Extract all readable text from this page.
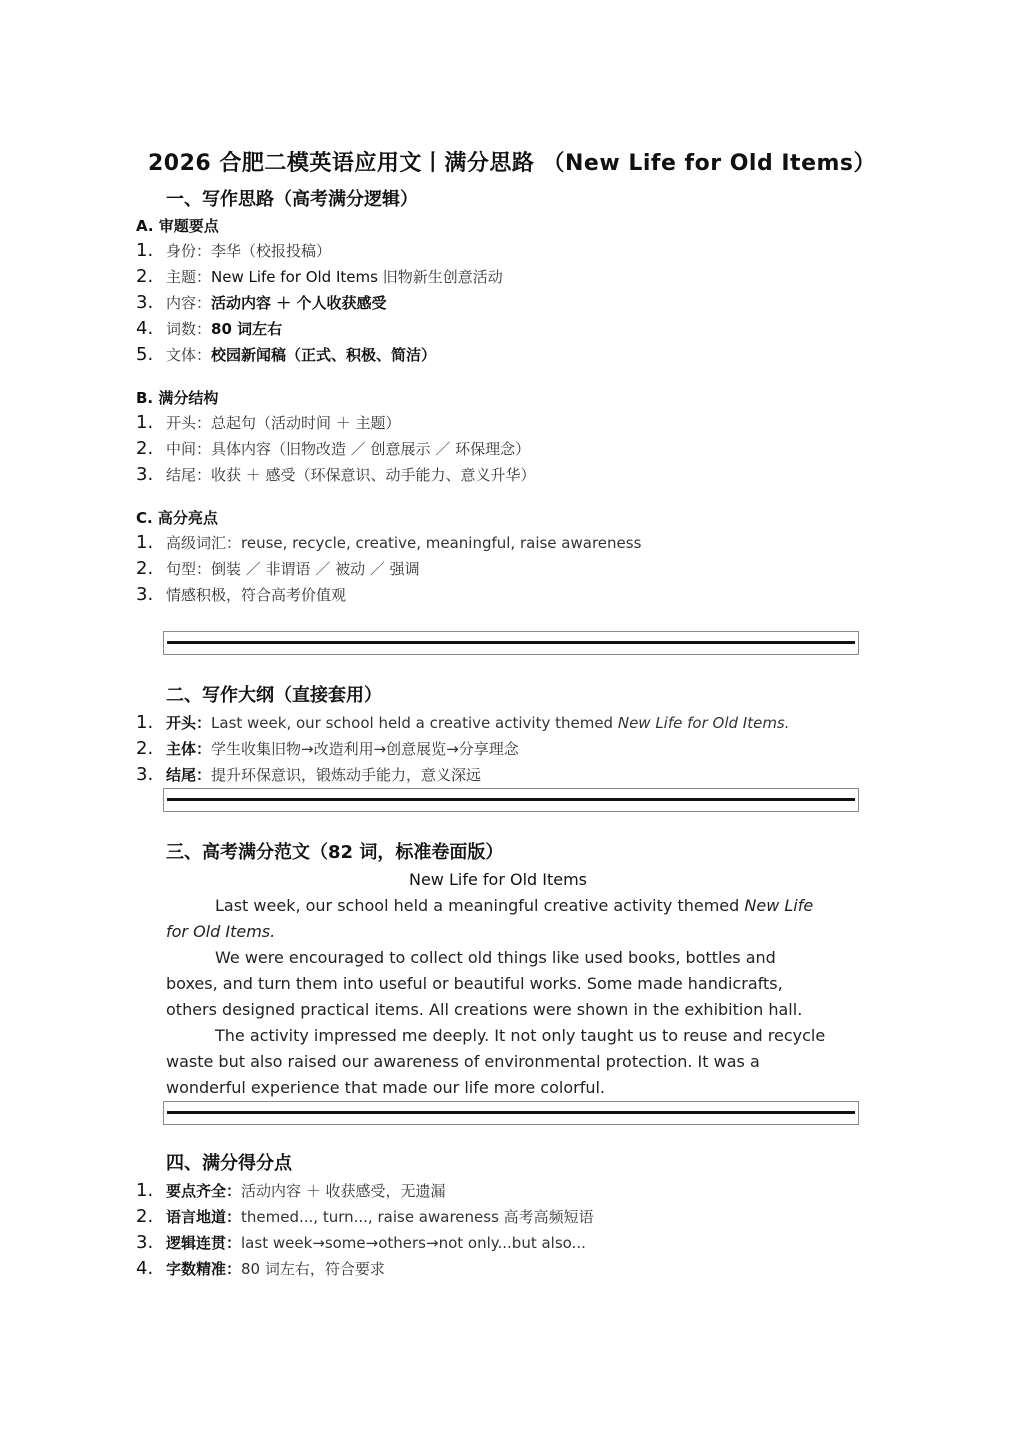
2026 合肥二模英语应用文丨满分思路 （New Life for Old Items）
一、写作思路（高考满分逻辑）
A. 审题要点
1. 身份：李华（校报投稿）
2. 主题：New Life for Old Items 旧物新生创意活动
3. 内容：活动内容 ＋ 个人收获感受
4. 词数：80 词左右
5. 文体：校园新闻稿（正式、积极、简洁）
B. 满分结构
1. 开头：总起句（活动时间 ＋ 主题）
2. 中间：具体内容（旧物改造 ／ 创意展示 ／ 环保理念）
3. 结尾：收获 ＋ 感受（环保意识、动手能力、意义升华）
C. 高分亮点
1. 高级词汇：reuse, recycle, creative, meaningful, raise awareness
2. 句型：倒装 ／ 非谓语 ／ 被动 ／ 强调
3. 情感积极，符合高考价值观
二、写作大纲（直接套用）
1. 开头：Last week, our school held a creative activity themed New Life for Old Items.
2. 主体：学生收集旧物→改造利用→创意展览→分享理念
3. 结尾：提升环保意识，锻炼动手能力，意义深远
三、高考满分范文（82 词，标准卷面版）
New Life for Old Items

Last week, our school held a meaningful creative activity themed New Life for Old Items.

We were encouraged to collect old things like used books, bottles and boxes, and turn them into useful or beautiful works. Some made handicrafts, others designed practical items. All creations were shown in the exhibition hall.

The activity impressed me deeply. It not only taught us to reuse and recycle waste but also raised our awareness of environmental protection. It was a wonderful experience that made our life more colorful.

四、满分得分点
1. 要点齐全：活动内容 ＋ 收获感受，无遗漏
2. 语言地道：themed..., turn..., raise awareness 高考高频短语
3. 逻辑连贯：last week→some→others→not only...but also...
4. 字数精准：80 词左右，符合要求
